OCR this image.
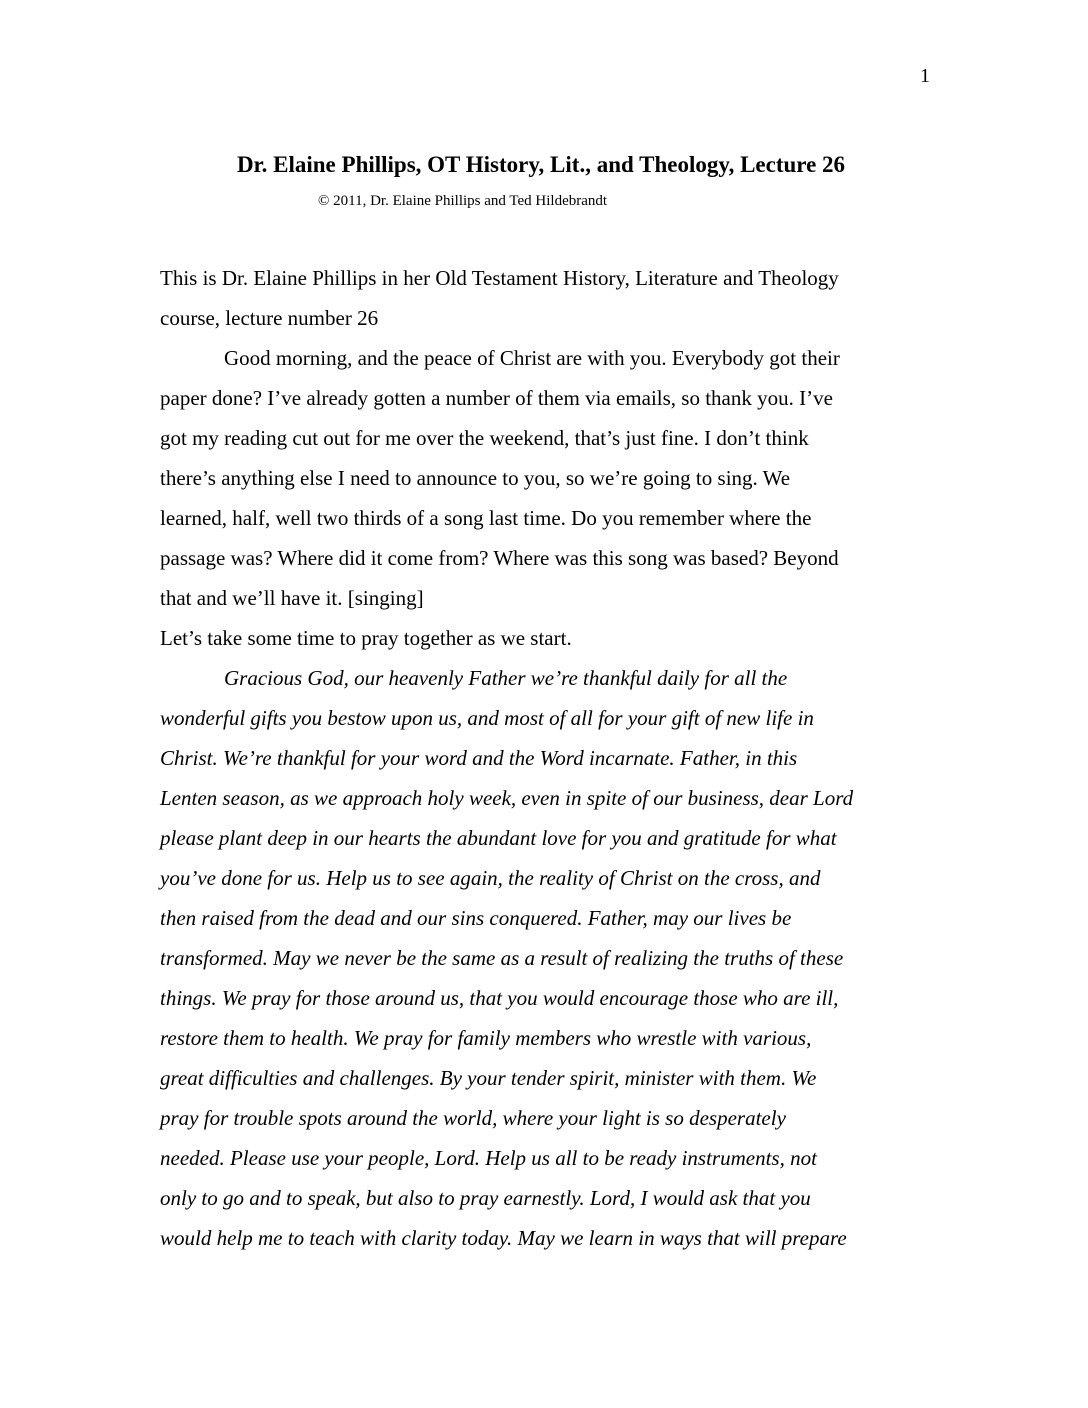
1
Dr. Elaine Phillips, OT History, Lit., and Theology, Lecture 26
© 2011, Dr. Elaine Phillips and Ted Hildebrandt
This is Dr. Elaine Phillips in her Old Testament History, Literature and Theology
course, lecture number 26
Good morning, and the peace of Christ are with you. Everybody got their
paper done? I’ve already gotten a number of them via emails, so thank you. I’ve
got my reading cut out for me over the weekend, that’s just fine. I don’t think
there’s anything else I need to announce to you, so we’re going to sing. We
learned, half, well two thirds of a song last time. Do you remember where the
passage was? Where did it come from? Where was this song was based? Beyond
that and we’ll have it. [singing]
Let’s take some time to pray together as we start.
Gracious God, our heavenly Father we’re thankful daily for all the
wonderful gifts you bestow upon us, and most of all for your gift of new life in
Christ. We’re thankful for your word and the Word incarnate. Father, in this
Lenten season, as we approach holy week, even in spite of our business, dear Lord
please plant deep in our hearts the abundant love for you and gratitude for what
you’ve done for us. Help us to see again, the reality of Christ on the cross, and
then raised from the dead and our sins conquered. Father, may our lives be
transformed. May we never be the same as a result of realizing the truths of these
things. We pray for those around us, that you would encourage those who are ill,
restore them to health. We pray for family members who wrestle with various,
great difficulties and challenges. By your tender spirit, minister with them. We
pray for trouble spots around the world, where your light is so desperately
needed. Please use your people, Lord. Help us all to be ready instruments, not
only to go and to speak, but also to pray earnestly. Lord, I would ask that you
would help me to teach with clarity today. May we learn in ways that will prepare
